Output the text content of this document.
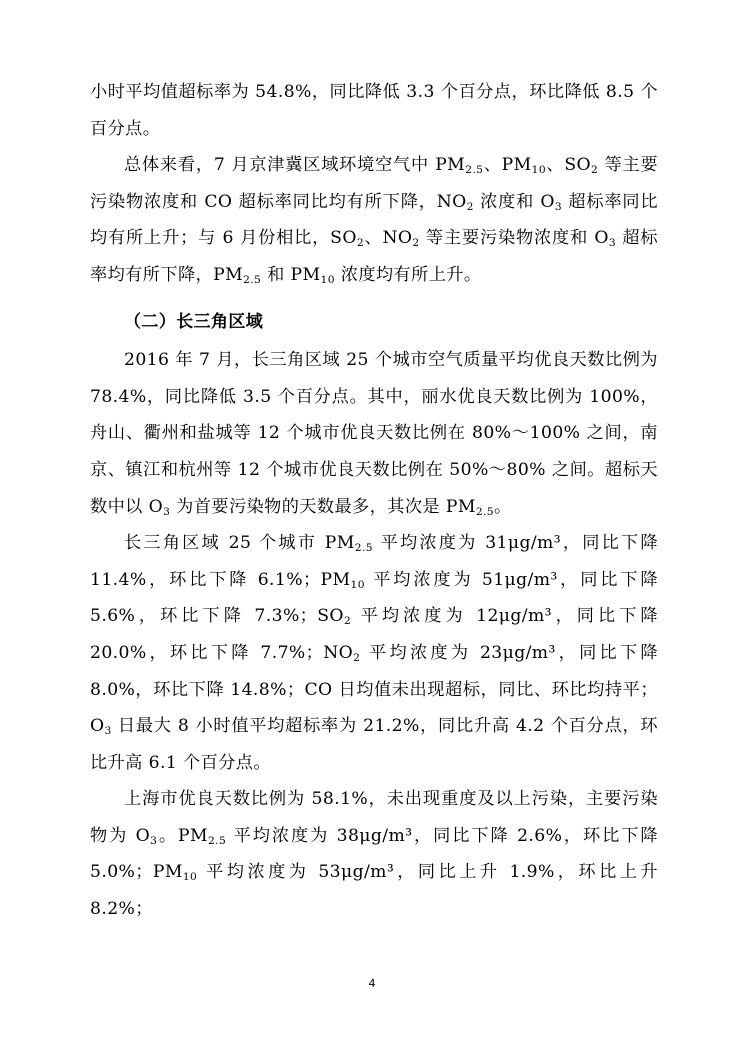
小时平均值超标率为 54.8%，同比降低 3.3 个百分点，环比降低 8.5 个百分点。

总体来看，7 月京津冀区域环境空气中 $PM_{2.5}$、$PM_{10}$、$SO_2$ 等主要污染物浓度和 CO 超标率同比均有所下降，$NO_2$ 浓度和 $O_3$ 超标率同比均有所上升；与 6 月份相比，$SO_2$、$NO_2$ 等主要污染物浓度和 $O_3$ 超标率均有所下降，$PM_{2.5}$ 和 $PM_{10}$ 浓度均有所上升。

（二）长三角区域

2016 年 7 月，长三角区域 25 个城市空气质量平均优良天数比例为 78.4%，同比降低 3.5 个百分点。其中，丽水优良天数比例为 100%，舟山、衢州和盐城等 12 个城市优良天数比例在 80%～100% 之间，南京、镇江和杭州等 12 个城市优良天数比例在 50%～80% 之间。超标天数中以 $O_3$ 为首要污染物的天数最多，其次是 $PM_{2.5}$。

长三角区域 25 个城市 $PM_{2.5}$ 平均浓度为 31μg/m³，同比下降 11.4%，环比下降 6.1%；$PM_{10}$ 平均浓度为 51μg/m³，同比下降 5.6%，环比下降 7.3%；$SO_2$ 平均浓度为 12μg/m³，同比下降 20.0%，环比下降 7.7%；$NO_2$ 平均浓度为 23μg/m³，同比下降 8.0%，环比下降 14.8%；CO 日均值未出现超标，同比、环比均持平；$O_3$ 日最大 8 小时值平均超标率为 21.2%，同比升高 4.2 个百分点，环比升高 6.1 个百分点。

上海市优良天数比例为 58.1%，未出现重度及以上污染，主要污染物为 $O_3$。$PM_{2.5}$ 平均浓度为 38μg/m³，同比下降 2.6%，环比下降 5.0%；$PM_{10}$ 平均浓度为 53μg/m³，同比上升 1.9%，环比上升 8.2%；

4
